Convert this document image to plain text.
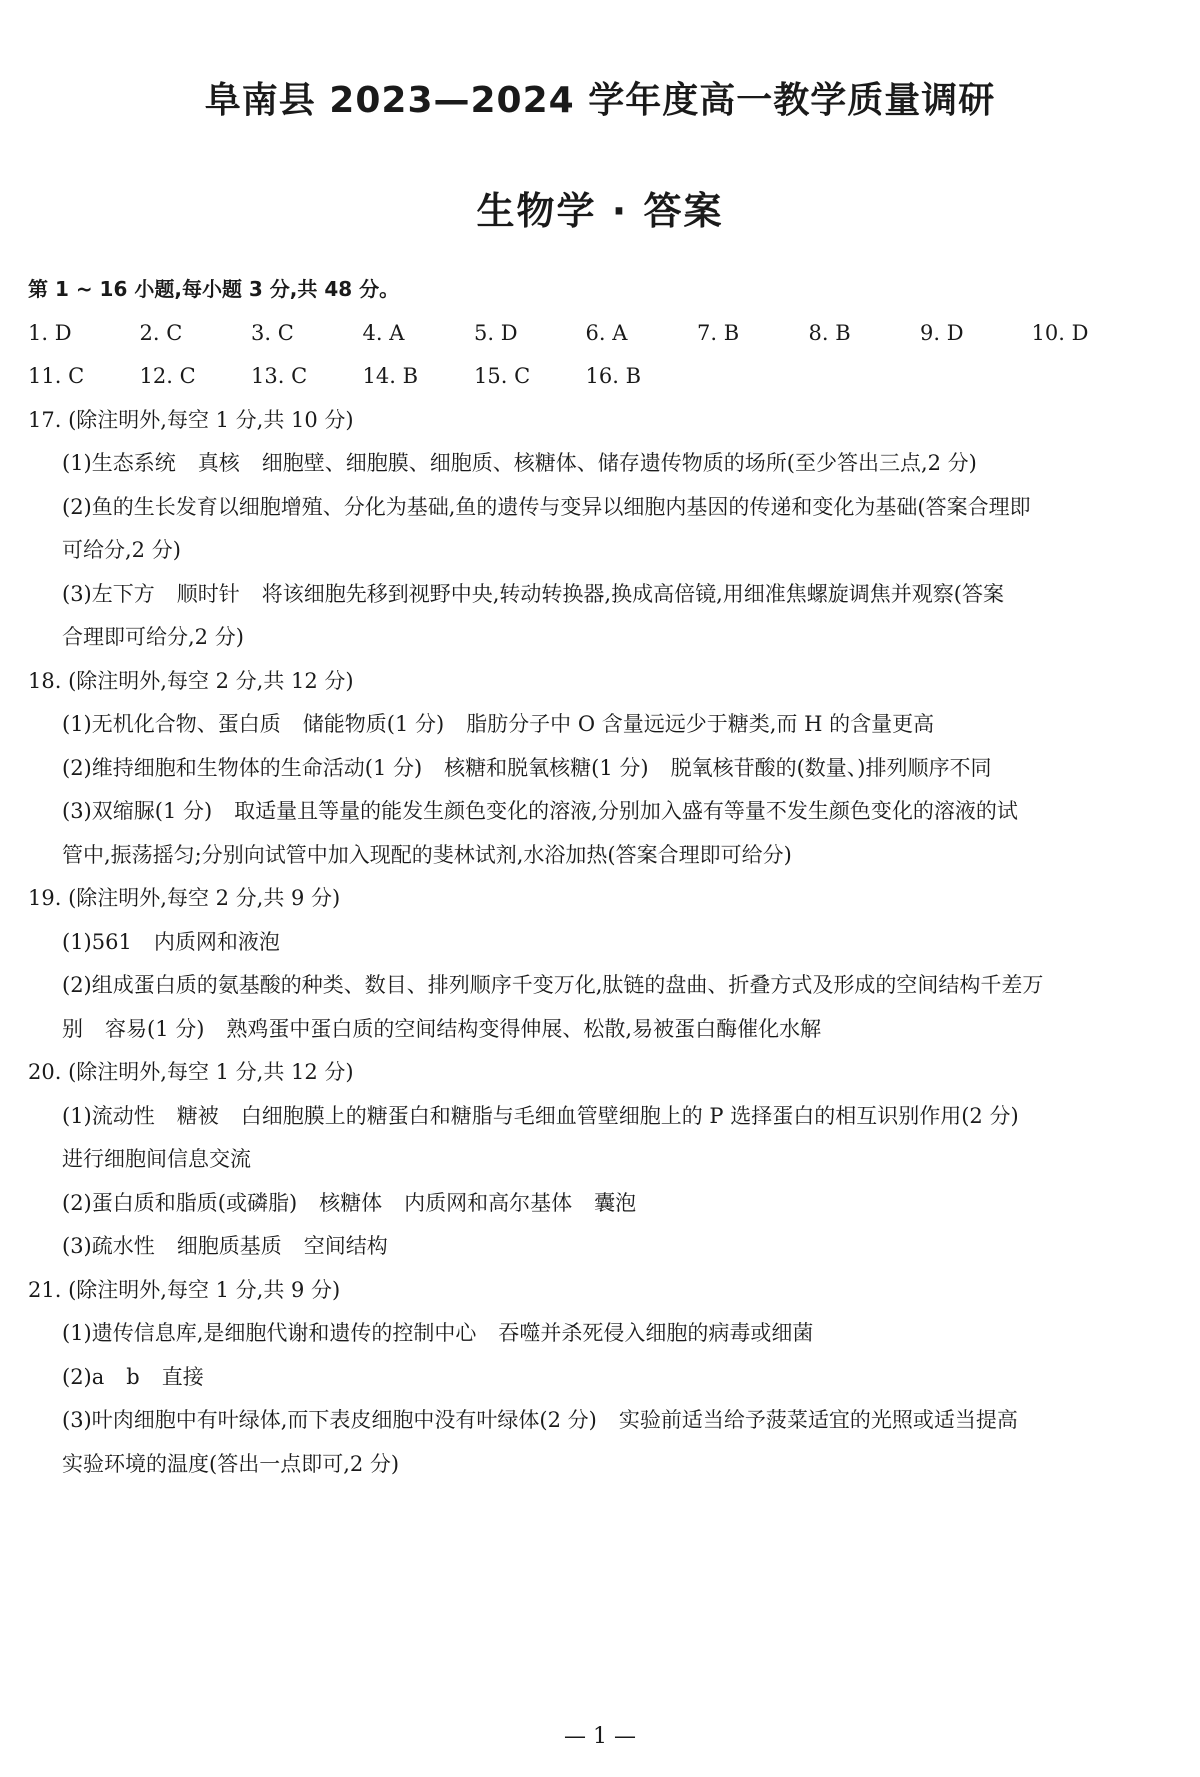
阜南县 2023—2024 学年度高一教学质量调研
生物学 · 答案
第 1 ~ 16 小题,每小题 3 分,共 48 分。
1. D	2. C	3. C	4. A	5. D	6. A	7. B	8. B	9. D	10. D
11. C	12. C	13. C	14. B	15. C	16. B
17. (除注明外,每空 1 分,共 10 分)
(1)生态系统 真核 细胞壁、细胞膜、细胞质、核糖体、储存遗传物质的场所(至少答出三点,2 分)
(2)鱼的生长发育以细胞增殖、分化为基础,鱼的遗传与变异以细胞内基因的传递和变化为基础(答案合理即
可给分,2 分)
(3)左下方 顺时针 将该细胞先移到视野中央,转动转换器,换成高倍镜,用细准焦螺旋调焦并观察(答案
合理即可给分,2 分)
18. (除注明外,每空 2 分,共 12 分)
(1)无机化合物、蛋白质 储能物质(1 分) 脂肪分子中 O 含量远远少于糖类,而 H 的含量更高
(2)维持细胞和生物体的生命活动(1 分) 核糖和脱氧核糖(1 分) 脱氧核苷酸的(数量、)排列顺序不同
(3)双缩脲(1 分) 取适量且等量的能发生颜色变化的溶液,分别加入盛有等量不发生颜色变化的溶液的试
管中,振荡摇匀;分别向试管中加入现配的斐林试剂,水浴加热(答案合理即可给分)
19. (除注明外,每空 2 分,共 9 分)
(1)561 内质网和液泡
(2)组成蛋白质的氨基酸的种类、数目、排列顺序千变万化,肽链的盘曲、折叠方式及形成的空间结构千差万
别 容易(1 分) 熟鸡蛋中蛋白质的空间结构变得伸展、松散,易被蛋白酶催化水解
20. (除注明外,每空 1 分,共 12 分)
(1)流动性 糖被 白细胞膜上的糖蛋白和糖脂与毛细血管壁细胞上的 P 选择蛋白的相互识别作用(2 分)
进行细胞间信息交流
(2)蛋白质和脂质(或磷脂) 核糖体 内质网和高尔基体 囊泡
(3)疏水性 细胞质基质 空间结构
21. (除注明外,每空 1 分,共 9 分)
(1)遗传信息库,是细胞代谢和遗传的控制中心 吞噬并杀死侵入细胞的病毒或细菌
(2)a b 直接
(3)叶肉细胞中有叶绿体,而下表皮细胞中没有叶绿体(2 分) 实验前适当给予菠菜适宜的光照或适当提高
实验环境的温度(答出一点即可,2 分)
— 1 —
